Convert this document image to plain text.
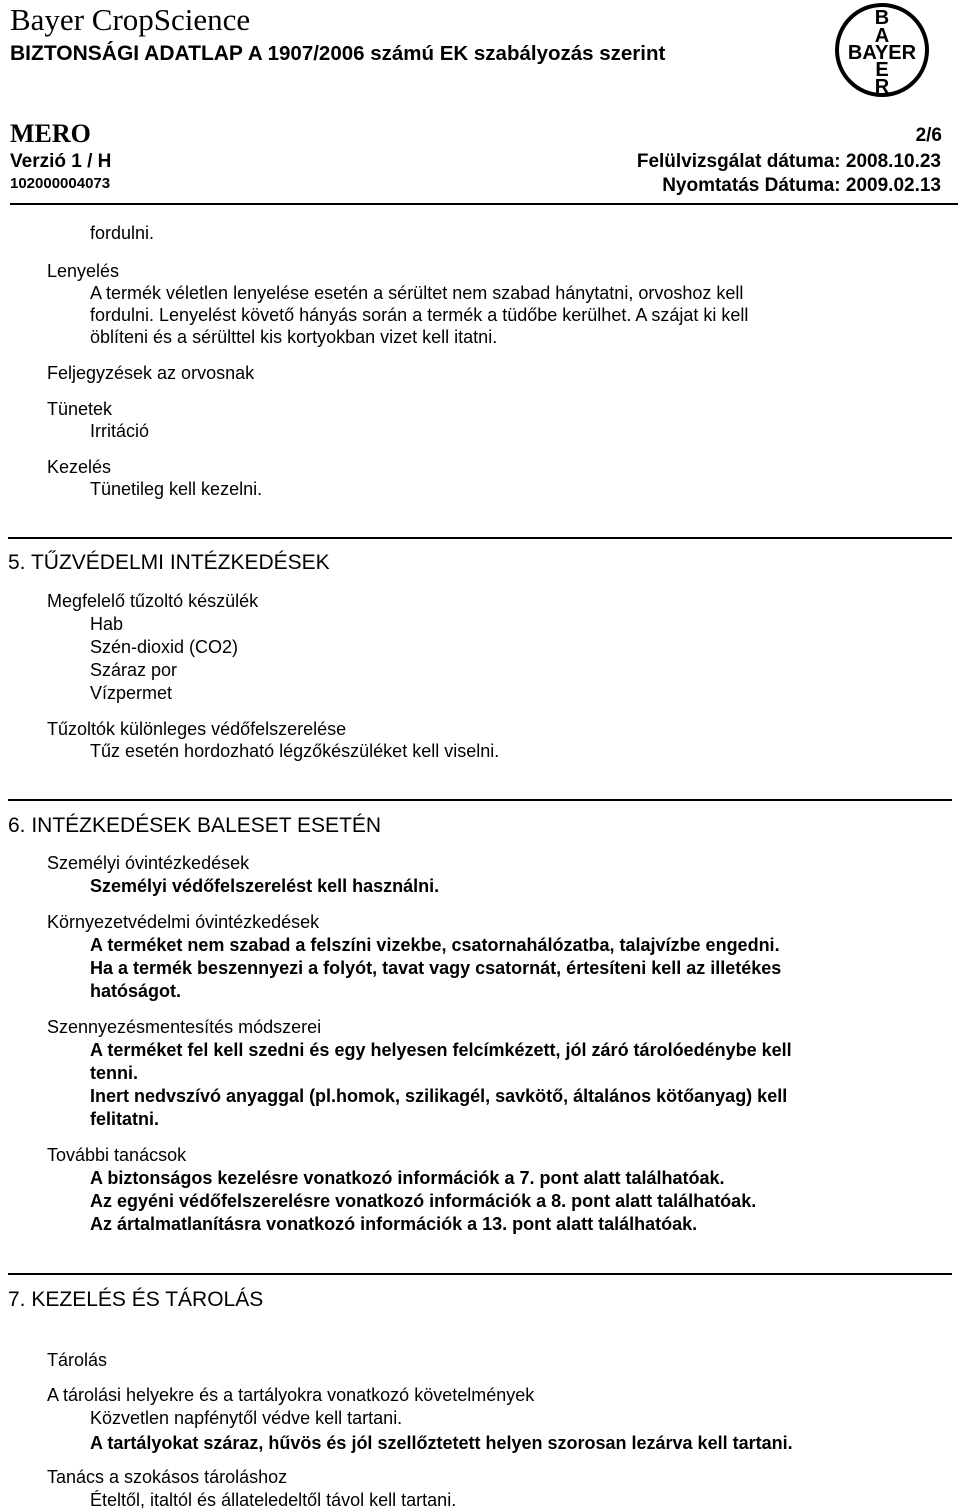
Bayer CropScience
BIZTONSÁGI ADATLAP A 1907/2006 számú EK szabályozás szerint
MERO
Verzió 1 / H
102000004073
2/6
Felülvizsgálat dátuma: 2008.10.23
Nyomtatás Dátuma: 2009.02.13
B
A
BAYER
E
R
fordulni.
Lenyelés
A termék véletlen lenyelése esetén a sérültet nem szabad hánytatni, orvoshoz kell
fordulni. Lenyelést követő hányás során a termék a tüdőbe kerülhet. A szájat ki kell
öblíteni és a sérülttel kis kortyokban vizet kell itatni.
Feljegyzések az orvosnak
Tünetek
Irritáció
Kezelés
Tünetileg kell kezelni.
5. TŰZVÉDELMI INTÉZKEDÉSEK
Megfelelő tűzoltó készülék
Hab
Szén-dioxid (CO2)
Száraz por
Vízpermet
Tűzoltók különleges védőfelszerelése
Tűz esetén hordozható légzőkészüléket kell viselni.
6. INTÉZKEDÉSEK BALESET ESETÉN
Személyi óvintézkedések
Személyi védőfelszerelést kell használni.
Környezetvédelmi óvintézkedések
A terméket nem szabad a felszíni vizekbe, csatornahálózatba, talajvízbe engedni.
Ha a termék beszennyezi a folyót, tavat vagy csatornát, értesíteni kell az illetékes
hatóságot.
Szennyezésmentesítés módszerei
A terméket fel kell szedni és egy helyesen felcímkézett, jól záró tárolóedénybe kell
tenni.
Inert nedvszívó anyaggal (pl.homok, szilikagél, savkötő, általános kötőanyag) kell
felitatni.
További tanácsok
A biztonságos kezelésre vonatkozó információk a 7. pont alatt találhatóak.
Az egyéni védőfelszerelésre vonatkozó információk a 8. pont alatt találhatóak.
Az ártalmatlanításra vonatkozó információk a 13. pont alatt találhatóak.
7. KEZELÉS ÉS TÁROLÁS
Tárolás
A tárolási helyekre és a tartályokra vonatkozó követelmények
Közvetlen napfénytől védve kell tartani.
A tartályokat száraz, hűvös és jól szellőztetett helyen szorosan lezárva kell tartani.
Tanács a szokásos tároláshoz
Ételtől, italtól és állateledeltől távol kell tartani.
